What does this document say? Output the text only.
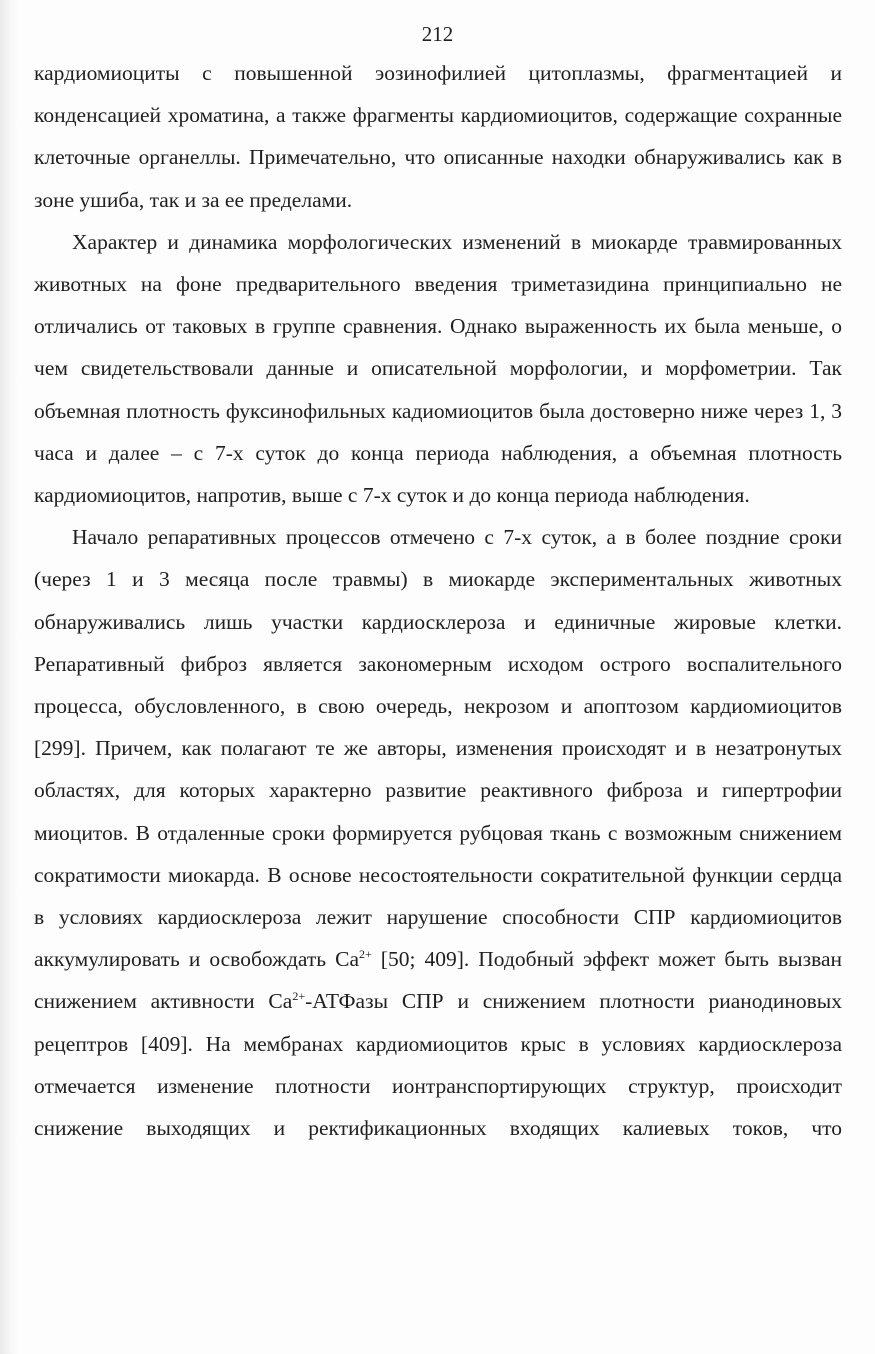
212

кардиомиоциты с повышенной эозинофилией цитоплазмы, фрагментацией и конденсацией хроматина, а также фрагменты кардиомиоцитов, содержащие сохранные клеточные органеллы. Примечательно, что описанные находки обнаруживались как в зоне ушиба, так и за ее пределами.

Характер и динамика морфологических изменений в миокарде травмированных животных на фоне предварительного введения триметазидина принципиально не отличались от таковых в группе сравнения. Однако выраженность их была меньше, о чем свидетельствовали данные и описательной морфологии, и морфометрии. Так объемная плотность фуксинофильных кадиомиоцитов была достоверно ниже через 1, 3 часа и далее – с 7-х суток до конца периода наблюдения, а объемная плотность кардиомиоцитов, напротив, выше с 7-х суток и до конца периода наблюдения.

Начало репаративных процессов отмечено с 7-х суток, а в более поздние сроки (через 1 и 3 месяца после травмы) в миокарде экспериментальных животных обнаруживались лишь участки кардиосклероза и единичные жировые клетки. Репаративный фиброз является закономерным исходом острого воспалительного процесса, обусловленного, в свою очередь, некрозом и апоптозом кардиомиоцитов [299]. Причем, как полагают те же авторы, изменения происходят и в незатронутых областях, для которых характерно развитие реактивного фиброза и гипертрофии миоцитов. В отдаленные сроки формируется рубцовая ткань с возможным снижением сократимости миокарда. В основе несостоятельности сократительной функции сердца в условиях кардиосклероза лежит нарушение способности СПР кардиомиоцитов аккумулировать и освобождать $Ca^{2+}$ [50; 409]. Подобный эффект может быть вызван снижением активности $Ca^{2+}$-АТФазы СПР и снижением плотности рианодиновых рецептров [409]. На мембранах кардиомиоцитов крыс в условиях кардиосклероза отмечается изменение плотности ионтранспортирующих структур, происходит снижение выходящих и ректификационных входящих калиевых токов, что
